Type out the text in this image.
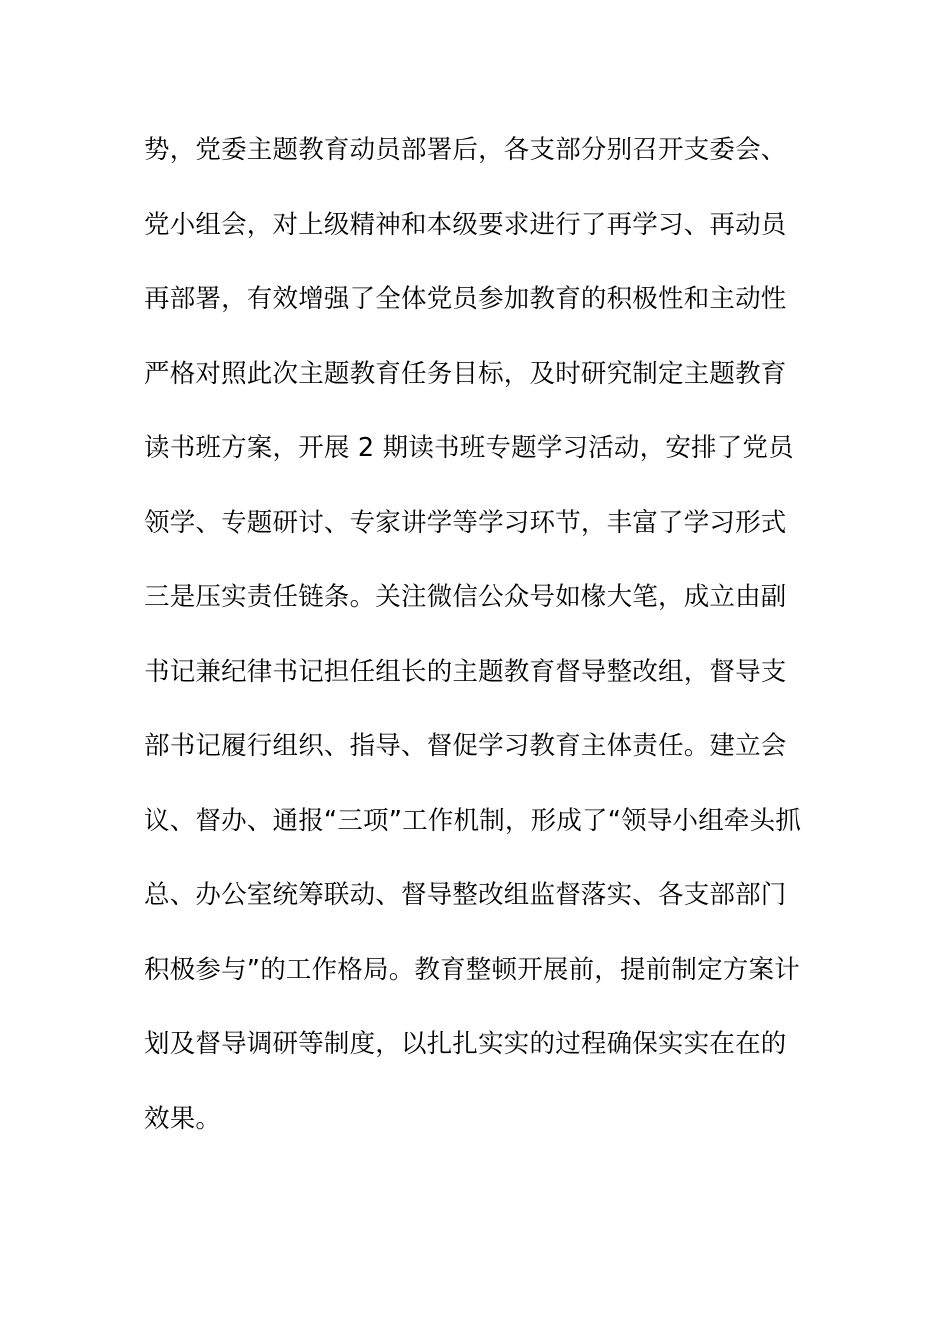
势，党委主题教育动员部署后，各支部分别召开支委会、
党小组会，对上级精神和本级要求进行了再学习、再动员
再部署，有效增强了全体党员参加教育的积极性和主动性
严格对照此次主题教育任务目标，及时研究制定主题教育
读书班方案，开展 2 期读书班专题学习活动，安排了党员
领学、专题研讨、专家讲学等学习环节，丰富了学习形式
三是压实责任链条。关注微信公众号如椽大笔，成立由副
书记兼纪律书记担任组长的主题教育督导整改组，督导支
部书记履行组织、指导、督促学习教育主体责任。建立会
议、督办、通报“三项”工作机制，形成了“领导小组牵头抓
总、办公室统筹联动、督导整改组监督落实、各支部部门
积极参与”的工作格局。教育整顿开展前，提前制定方案计
划及督导调研等制度，以扎扎实实的过程确保实实在在的
效果。
